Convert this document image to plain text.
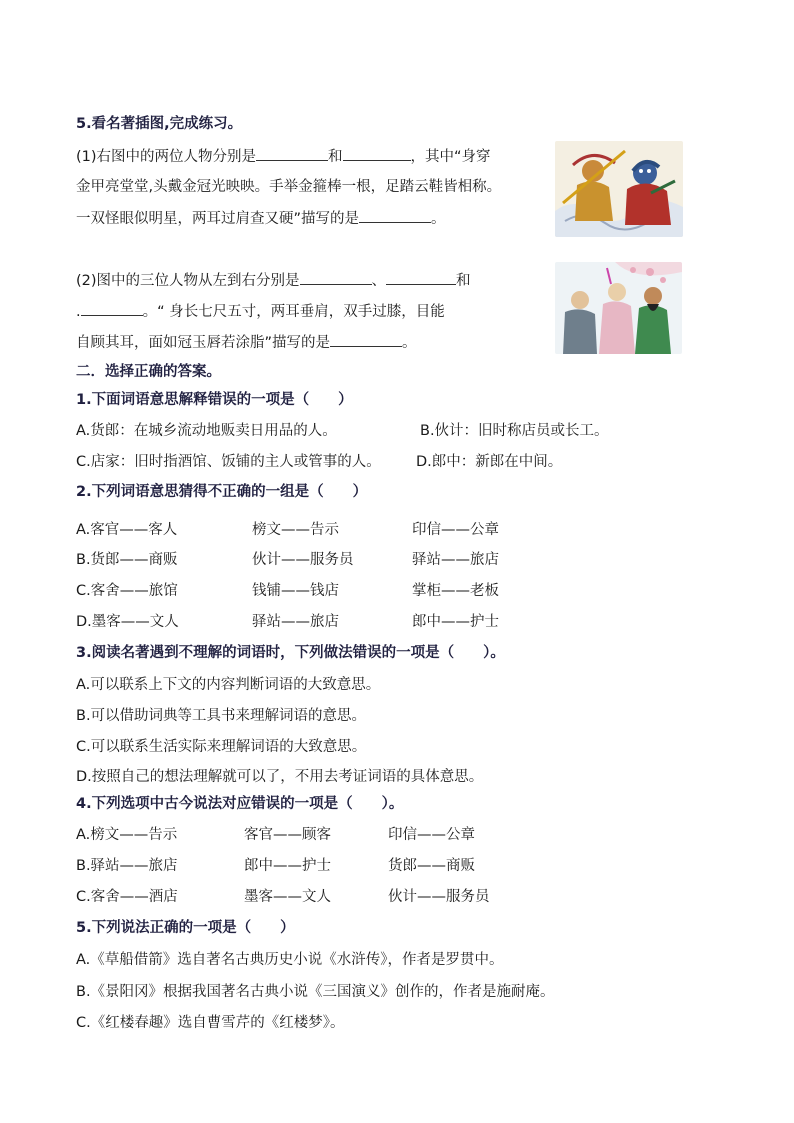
5.看名著插图,完成练习。
(1)右图中的两位人物分别是	和	，其中“身穿
金甲亮堂堂,头戴金冠光映映。手举金箍棒一根，足踏云鞋皆相称。
一双怪眼似明星，两耳过肩查又硬”描写的是	。
(2)图中的三位人物从左到右分别是	、	和
.	。“ 身长七尺五寸，两耳垂肩，双手过膝，目能
自顾其耳，面如冠玉唇若涂脂”描写的是	。
二．选择正确的答案。
1.下面词语意思解释错误的一项是（　　）
A.货郎：在城乡流动地贩卖日用品的人。	B.伙计：旧时称店员或长工。
C.店家：旧时指酒馆、饭铺的主人或管事的人。 D.郎中：新郎在中间。
2.下列词语意思猜得不正确的一组是（　　）
A.客官——客人	榜文——告示	印信——公章
B.货郎——商贩	伙计——服务员	驿站——旅店
C.客舍——旅馆	钱铺——钱店	掌柜——老板
D.墨客——文人	驿站——旅店	郎中——护士
3.阅读名著遇到不理解的词语时，下列做法错误的一项是（　　）。
A.可以联系上下文的内容判断词语的大致意思。
B.可以借助词典等工具书来理解词语的意思。
C.可以联系生活实际来理解词语的大致意思。
D.按照自己的想法理解就可以了，不用去考证词语的具体意思。
4.下列选项中古今说法对应错误的一项是（　　）。
A.榜文——告示	客官——顾客	印信——公章
B.驿站——旅店	郎中——护士	货郎——商贩
C.客舍——酒店	墨客——文人	伙计——服务员
5.下列说法正确的一项是（　　）
A.《草船借箭》选自著名古典历史小说《水浒传》，作者是罗贯中。
B.《景阳冈》根据我国著名古典小说《三国演义》创作的，作者是施耐庵。
C.《红楼春趣》选自曹雪芹的《红楼梦》。
